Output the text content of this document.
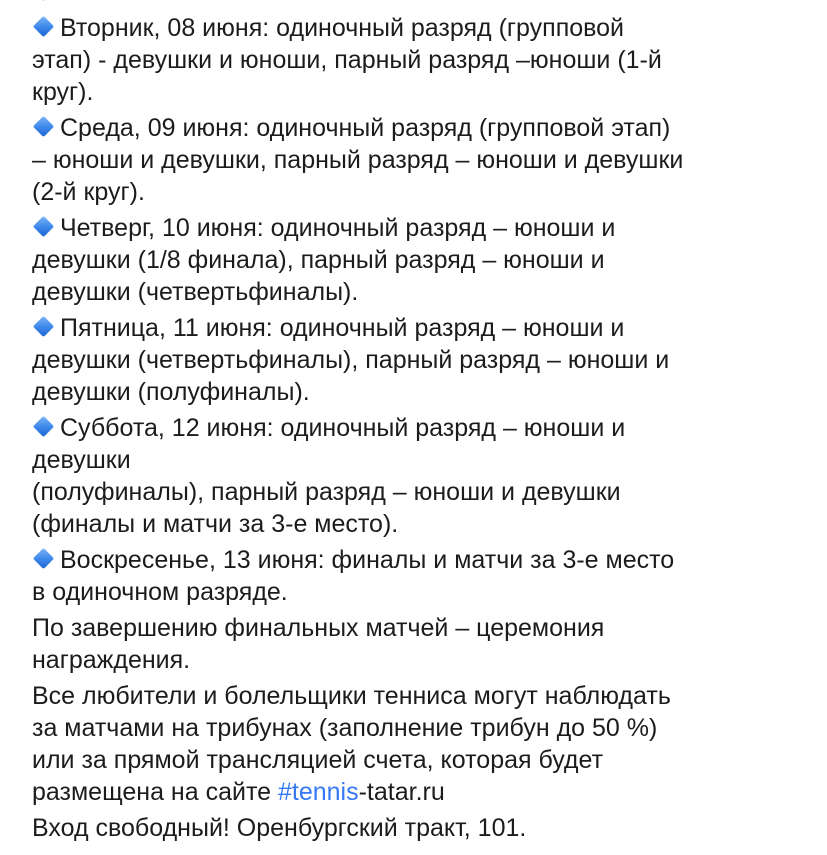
Вторник, 08 июня: одиночный разряд (групповой
этап) - девушки и юноши, парный разряд –юноши (1-й
круг).
Среда, 09 июня: одиночный разряд (групповой этап)
– юноши и девушки, парный разряд – юноши и девушки
(2-й круг).
Четверг, 10 июня: одиночный разряд – юноши и
девушки (1/8 финала), парный разряд – юноши и
девушки (четвертьфиналы).
Пятница, 11 июня: одиночный разряд – юноши и
девушки (четвертьфиналы), парный разряд – юноши и
девушки (полуфиналы).
Суббота, 12 июня: одиночный разряд – юноши и
девушки
(полуфиналы), парный разряд – юноши и девушки
(финалы и матчи за 3-е место).
Воскресенье, 13 июня: финалы и матчи за 3-е место
в одиночном разряде.
По завершению финальных матчей – церемония
награждения.
Все любители и болельщики тенниса могут наблюдать
за матчами на трибунах (заполнение трибун до 50 %)
или за прямой трансляцией счета, которая будет
размещена на сайте #tennis-tatar.ru
Вход свободный! Оренбургский тракт, 101.
